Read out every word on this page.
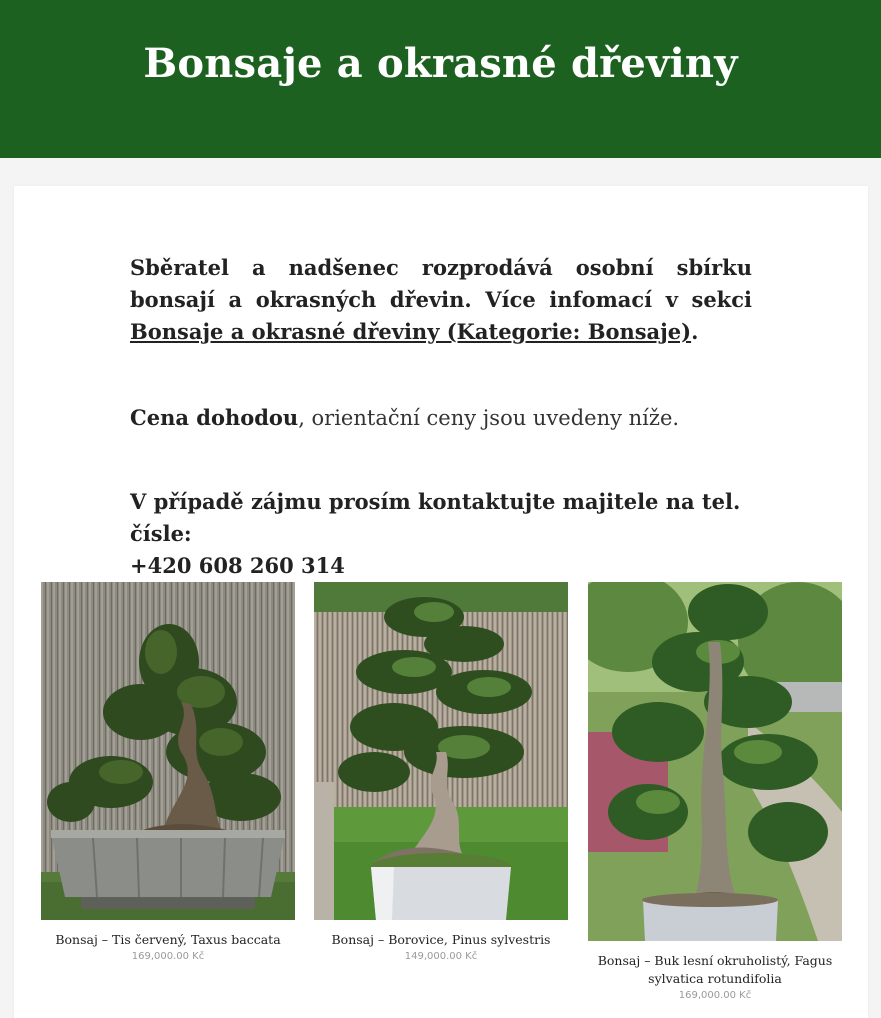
Bonsaje a okrasné dřeviny

Sběratel a nadšenec rozprodává osobní sbírku bonsají a okrasných dřevin. Více infomací v sekci Bonsaje a okrasné dřeviny (Kategorie: Bonsaje).

Cena dohodou, orientační ceny jsou uvedeny níže.

V případě zájmu prosím kontaktujte majitele na tel. čísle:
+420 608 260 314

Bonsaj – Tis červený, Taxus baccata
169,000.00 Kč
Bonsaj – Borovice, Pinus sylvestris
149,000.00 Kč	Bonsaj – Buk lesní okruholistý, Fagus sylvatica rotundifolia
169,000.00 Kč
